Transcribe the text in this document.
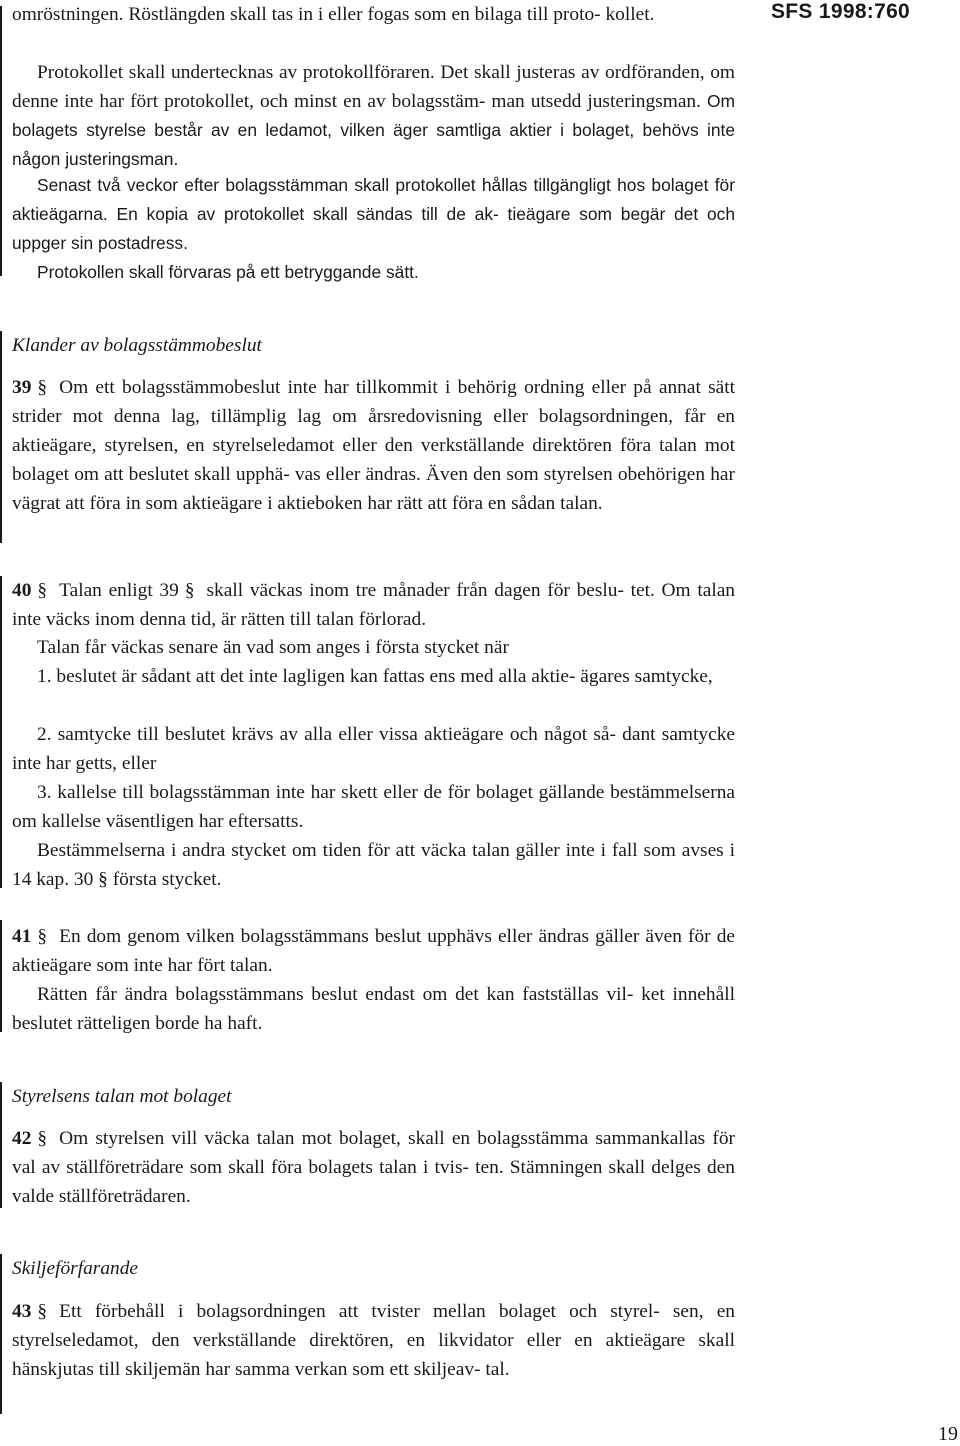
SFS 1998:760
omröstningen. Röstlängden skall tas in i eller fogas som en bilaga till proto- kollet.
Protokollet skall undertecknas av protokollföraren. Det skall justeras av ordföranden, om denne inte har fört protokollet, och minst en av bolagsstäm- man utsedd justeringsman. Om bolagets styrelse består av en ledamot, vilken äger samtliga aktier i bolaget, behövs inte någon justeringsman.
Senast två veckor efter bolagsstämman skall protokollet hållas tillgängligt hos bolaget för aktieägarna. En kopia av protokollet skall sändas till de ak- tieägare som begär det och uppger sin postadress.
Protokollen skall förvaras på ett betryggande sätt.
Klander av bolagsstämmobeslut
39 § Om ett bolagsstämmobeslut inte har tillkommit i behörig ordning eller på annat sätt strider mot denna lag, tillämplig lag om årsredovisning eller bolagsordningen, får en aktieägare, styrelsen, en styrelseledamot eller den verkställande direktören föra talan mot bolaget om att beslutet skall upphä- vas eller ändras. Även den som styrelsen obehörigen har vägrat att föra in som aktieägare i aktieboken har rätt att föra en sådan talan.
40 § Talan enligt 39 § skall väckas inom tre månader från dagen för beslu- tet. Om talan inte väcks inom denna tid, är rätten till talan förlorad.
Talan får väckas senare än vad som anges i första stycket när
1. beslutet är sådant att det inte lagligen kan fattas ens med alla aktie- ägares samtycke,
2. samtycke till beslutet krävs av alla eller vissa aktieägare och något så- dant samtycke inte har getts, eller
3. kallelse till bolagsstämman inte har skett eller de för bolaget gällande bestämmelserna om kallelse väsentligen har eftersatts.
Bestämmelserna i andra stycket om tiden för att väcka talan gäller inte i fall som avses i 14 kap. 30 § första stycket.
41 § En dom genom vilken bolagsstämmans beslut upphävs eller ändras gäller även för de aktieägare som inte har fört talan.
Rätten får ändra bolagsstämmans beslut endast om det kan fastställas vil- ket innehåll beslutet rätteligen borde ha haft.
Styrelsens talan mot bolaget
42 § Om styrelsen vill väcka talan mot bolaget, skall en bolagsstämma sammankallas för val av ställföreträdare som skall föra bolagets talan i tvis- ten. Stämningen skall delges den valde ställföreträdaren.
Skiljeförfarande
43 § Ett förbehåll i bolagsordningen att tvister mellan bolaget och styrel- sen, en styrelseledamot, den verkställande direktören, en likvidator eller en aktieägare skall hänskjutas till skiljemän har samma verkan som ett skiljeav- tal.
19
